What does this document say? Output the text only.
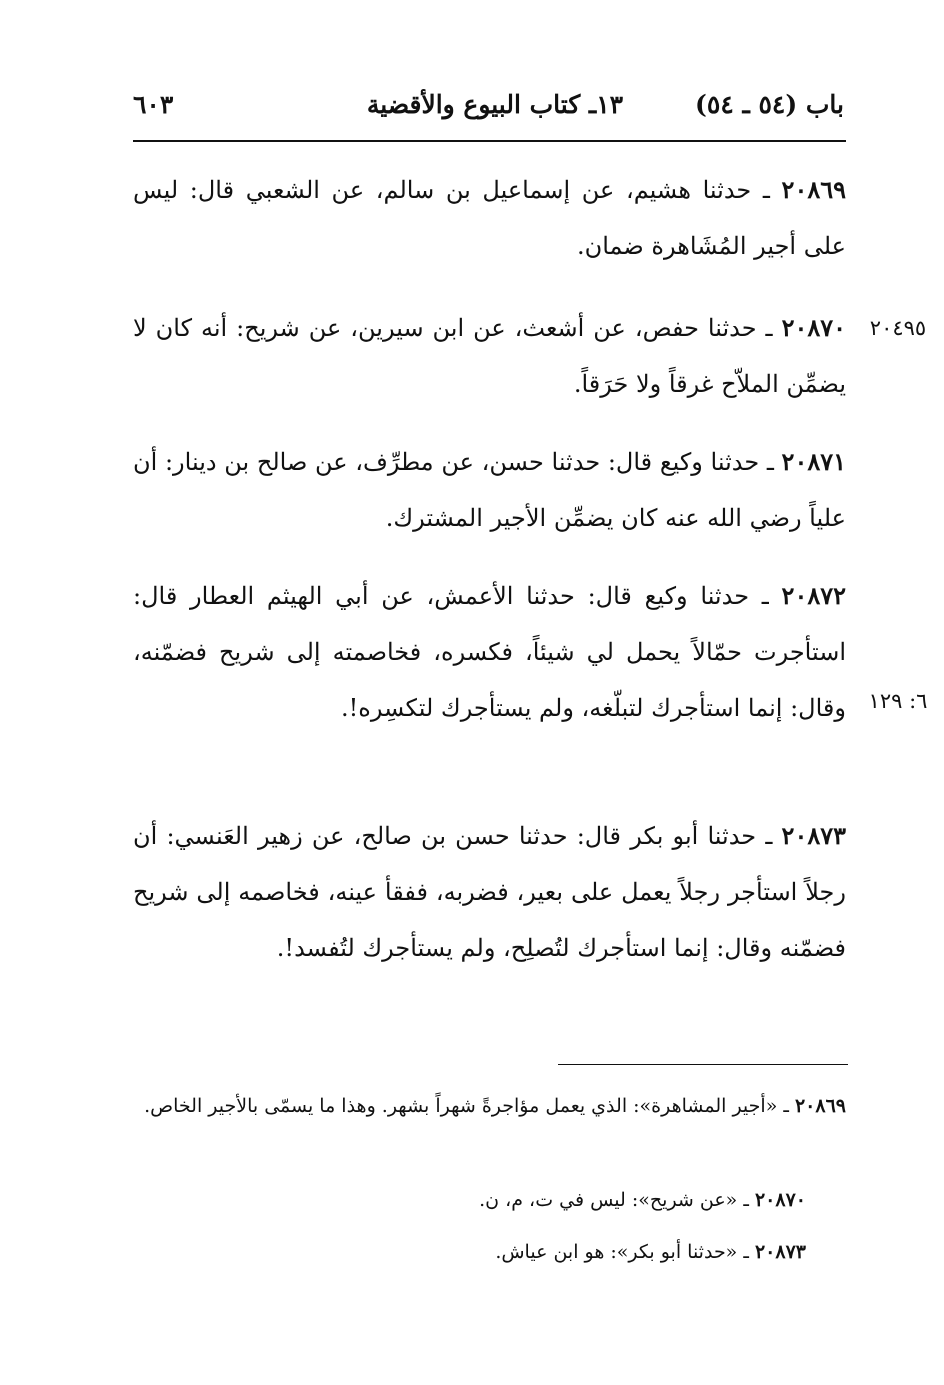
باب (٥٤ ـ ٥٤)
١٣ـ كتاب البيوع والأقضية
٦٠٣

٢٠٨٦٩ ـ حدثنا هشيم، عن إسماعيل بن سالم، عن الشعبي قال: ليس على أجير المُشَاهرة ضمان.

٢٠٤٩٥

٢٠٨٧٠ ـ حدثنا حفص، عن أشعث، عن ابن سيرين، عن شريح: أنه كان لا يضمِّن الملاّح غرقاً ولا حَرَقاً.

٢٠٨٧١ ـ حدثنا وكيع قال: حدثنا حسن، عن مطرِّف، عن صالح بن دينار: أن علياً رضي الله عنه كان يضمِّن الأجير المشترك.

٦: ١٢٩

٢٠٨٧٢ ـ حدثنا وكيع قال: حدثنا الأعمش، عن أبي الهيثم العطار قال: استأجرت حمّالاً يحمل لي شيئاً، فكسره، فخاصمته إلى شريح فضمّنه، وقال: إنما استأجرك لتبلّغه، ولم يستأجرك لتكسِره!.

٢٠٨٧٣ ـ حدثنا أبو بكر قال: حدثنا حسن بن صالح، عن زهير العَنسي: أن رجلاً استأجر رجلاً يعمل على بعير، فضربه، ففقأ عينه، فخاصمه إلى شريح فضمّنه وقال: إنما استأجرك لتُصلِح، ولم يستأجرك لتُفسد!.

٢٠٨٦٩ ـ «أجير المشاهرة»: الذي يعمل مؤاجرةً شهراً بشهر. وهذا ما يسمّى بالأجير الخاص.

٢٠٨٧٠ ـ «عن شريح»: ليس في ت، م، ن.

٢٠٨٧٣ ـ «حدثنا أبو بكر»: هو ابن عياش.
